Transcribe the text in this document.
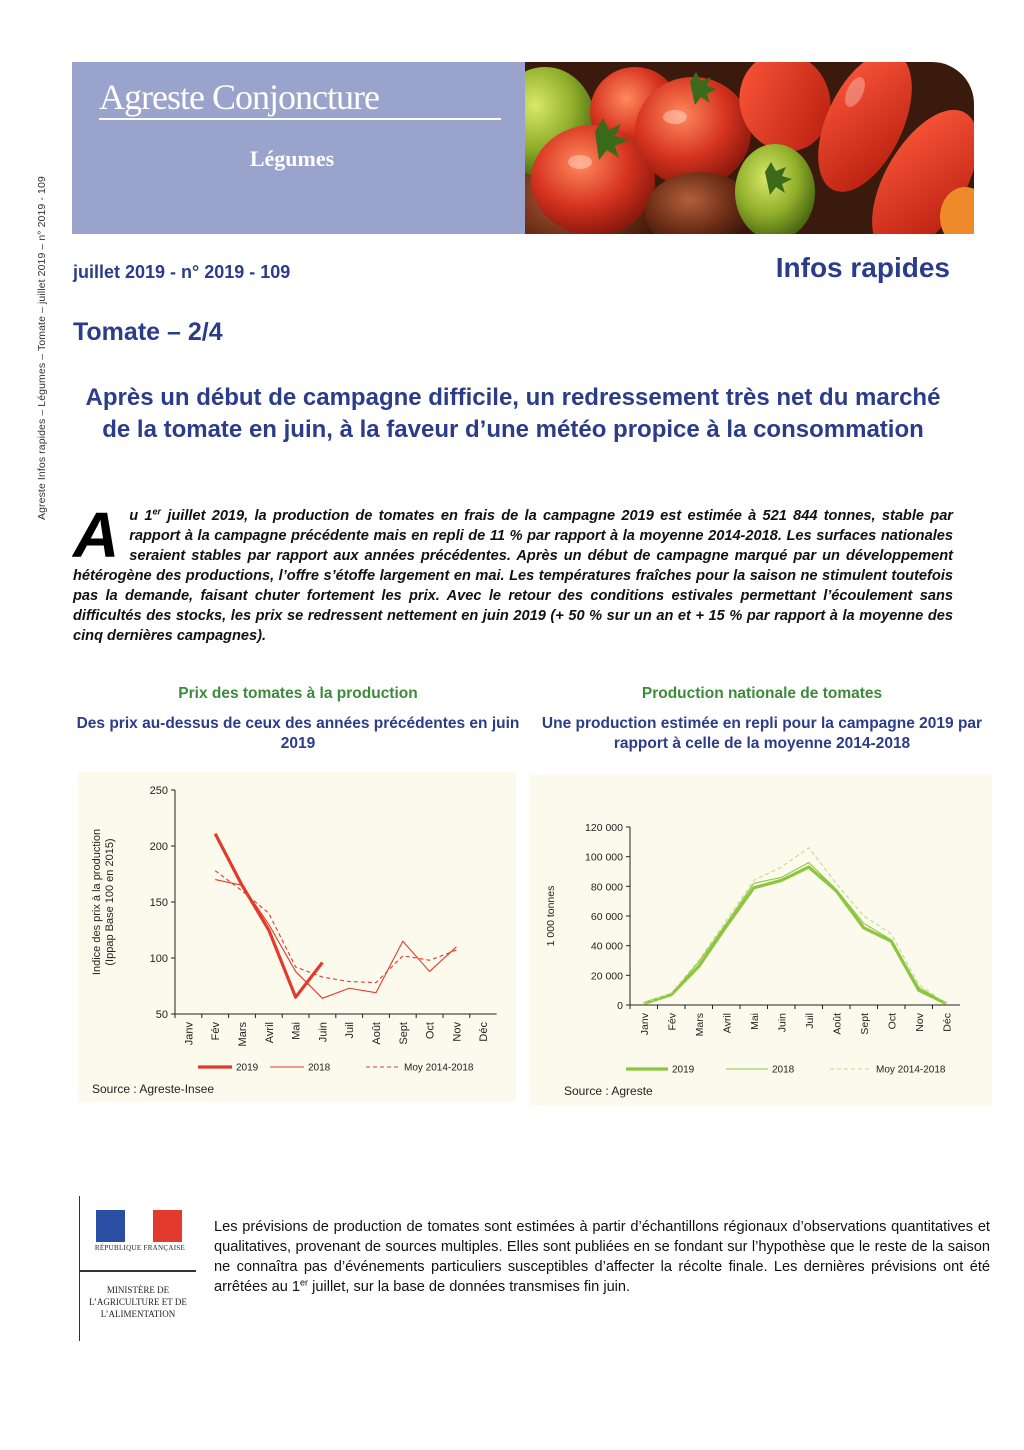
Agreste Infos rapides – Légumes – Tomate – juillet 2019 – n° 2019 - 109
Agreste Conjoncture
Légumes
juillet 2019 - n° 2019 - 109	Infos rapides
Tomate – 2/4
Après un début de campagne difficile, un redressement très net du marché de la tomate en juin, à la faveur d’une météo propice à la consommation
Au 1er juillet 2019, la production de tomates en frais de la campagne 2019 est estimée à 521 844 tonnes, stable par rapport à la campagne précédente mais en repli de 11 % par rapport à la moyenne 2014-2018. Les surfaces nationales seraient stables par rapport aux années précédentes. Après un début de campagne marqué par un développement hétérogène des productions, l’offre s’étoffe largement en mai. Les températures fraîches pour la saison ne stimulent toutefois pas la demande, faisant chuter fortement les prix. Avec le retour des conditions estivales permettant l’écoulement sans difficultés des stocks, les prix se redressent nettement en juin 2019 (+ 50 % sur un an et + 15 % par rapport à la moyenne des cinq dernières campagnes).
Prix des tomates à la production
Des prix au-dessus de ceux des années précédentes en juin 2019
50
100
150
200
250
Janv Fév Mars Avril Mai Juin Juil Août Sept Oct Nov Déc
Indice des prix à la production (Ippap Base 100 en 2015)
2019	2018	Moy 2014-2018
Source : Agreste-Insee
Production nationale de tomates
Une production estimée en repli pour la campagne 2019 par rapport à celle de la moyenne 2014-2018
0
20 000
40 000
60 000
80 000
100 000
120 000
Janv Fév Mars Avril Mai Juin Juil Août Sept Oct Nov Déc
1 000 tonnes
2019	2018	Moy 2014-2018
Source : Agreste
RÉPUBLIQUE FRANÇAISE
MINISTÈRE DE L’AGRICULTURE ET DE L’ALIMENTATION
Les prévisions de production de tomates sont estimées à partir d’échantillons régionaux d’observations quantitatives et qualitatives, provenant de sources multiples. Elles sont publiées en se fondant sur l’hypothèse que le reste de la saison ne connaîtra pas d’événements particuliers susceptibles d’affecter la récolte finale. Les dernières prévisions ont été arrêtées au 1er juillet, sur la base de données transmises fin juin.
